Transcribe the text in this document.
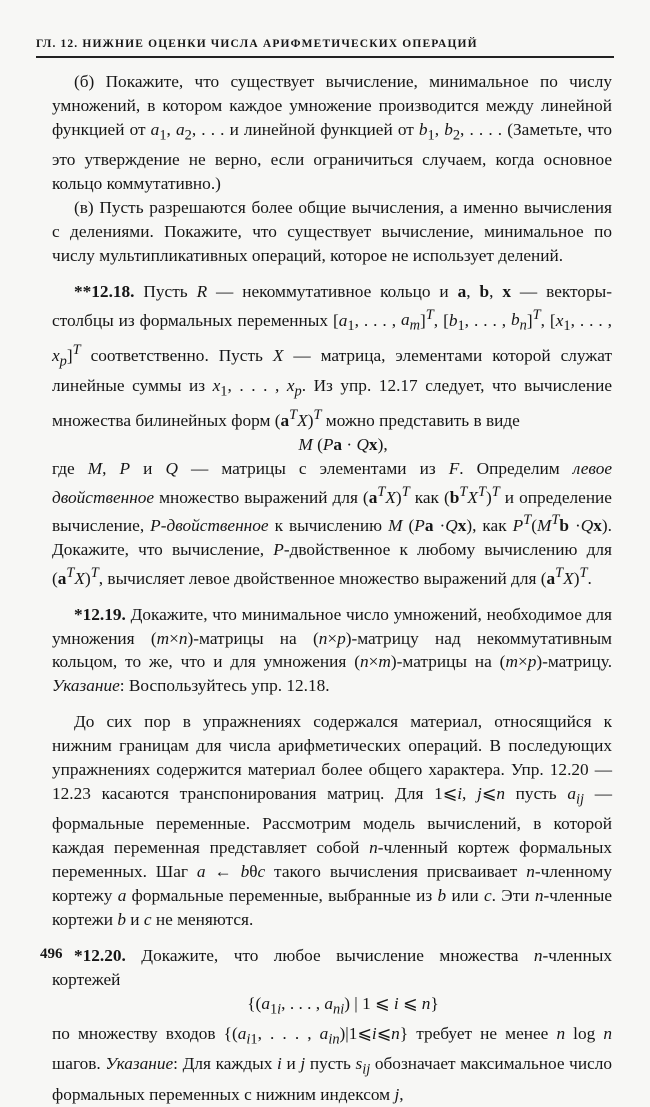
ГЛ. 12. НИЖНИЕ ОЦЕНКИ ЧИСЛА АРИФМЕТИЧЕСКИХ ОПЕРАЦИЙ

(б) Покажите, что существует вычисление, минимальное по числу умножений, в котором каждое умножение производится между линейной функцией от $a_1$, $a_2$, . . . и линейной функцией от $b_1$, $b_2$, . . . . (Заметьте, что это утверждение не верно, если ограничиться случаем, когда основное кольцо коммутативно.)

(в) Пусть разрешаются более общие вычисления, а именно вычисления с делениями. Покажите, что существует вычисление, минимальное по числу мультипликативных операций, которое не использует делений.

**12.18. Пусть R — некоммутативное кольцо и a, b, x — векторы-столбцы из формальных переменных [$a_1$, . . . , $a_m]^T$, [$b_1$, . . . , $b_n]^T$, [$x_1$, . . . , $x_p]^T$ соответственно. Пусть X — матрица, элементами которой служат линейные суммы из $x_1$, . . . , $x_p$. Из упр. 12.17 следует, что вычисление множества билинейных форм $(a^TX)^T$ можно представить в виде

M (Pa · Qx),

где M, P и Q — матрицы с элементами из F. Определим левое двойственное множество выражений для $(a^TX)^T$ как $(b^TX^T)^T$ и определение вычисление, P-двойственное к вычислению M (Pa ·Qx), как $P^T(M^Tb \cdot Qx)$. Докажите, что вычисление, P-двойственное к любому вычислению для $(a^TX)^T$, вычисляет левое двойственное множество выражений для $(a^TX)^T$.

*12.19. Докажите, что минимальное число умножений, необходимое для умножения (m×n)-матрицы на (n×p)-матрицу над некоммутативным кольцом, то же, что и для умножения (n×m)-матрицы на (m×p)-матрицу. Указание: Воспользуйтесь упр. 12.18.

До сих пор в упражнениях содержался материал, относящийся к нижним границам для числа арифметических операций. В последующих упражнениях содержится материал более общего характера. Упр. 12.20 — 12.23 касаются транспонирования матриц. Для 1⩽i, j⩽n пусть $a_{ij}$ — формальные переменные. Рассмотрим модель вычислений, в которой каждая переменная представляет собой n-членный кортеж формальных переменных. Шаг a ← bθc такого вычисления присваивает n-членному кортежу a формальные переменные, выбранные из b или c. Эти n-членные кортежи b и c не меняются.

*12.20. Докажите, что любое вычисление множества n-членных кортежей

{($a_{1i}$, . . . , $a_{ni}$) | 1 ⩽ i ⩽ n}

по множеству входов {($a_{i1}$, . . . , $a_{in})|1⩽i⩽n$} требует не менее n log n шагов. Указание: Для каждых i и j пусть $s_{ij}$ обозначает максимальное число формальных переменных с нижним индексом j,

496
